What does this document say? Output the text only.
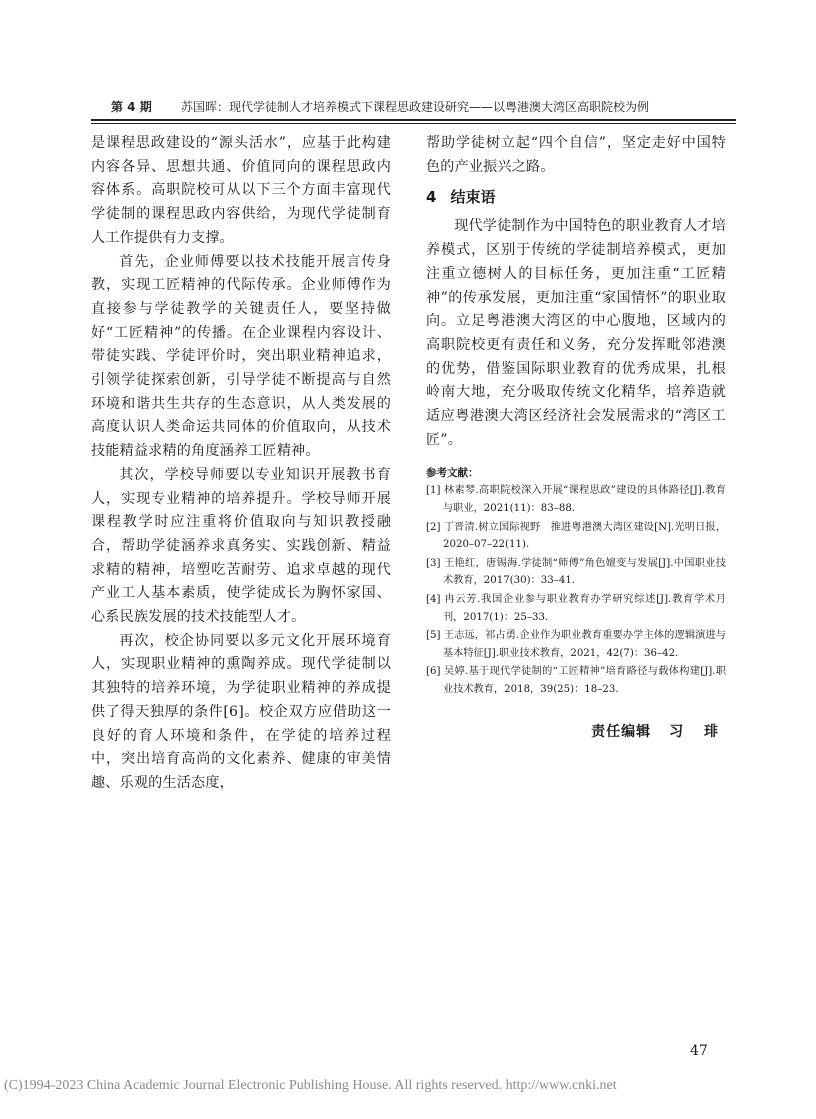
第 4 期 苏国晖：现代学徒制人才培养模式下课程思政建设研究——以粤港澳大湾区高职院校为例

是课程思政建设的“源头活水”，应基于此构建内容各异、思想共通、价值同向的课程思政内容体系。高职院校可从以下三个方面丰富现代学徒制的课程思政内容供给，为现代学徒制育人工作提供有力支撑。

首先，企业师傅要以技术技能开展言传身教，实现工匠精神的代际传承。企业师傅作为直接参与学徒教学的关键责任人，要坚持做好“工匠精神”的传播。在企业课程内容设计、带徒实践、学徒评价时，突出职业精神追求，引领学徒探索创新，引导学徒不断提高与自然环境和谐共生共存的生态意识，从人类发展的高度认识人类命运共同体的价值取向，从技术技能精益求精的角度涵养工匠精神。

其次，学校导师要以专业知识开展教书育人，实现专业精神的培养提升。学校导师开展课程教学时应注重将价值取向与知识教授融合，帮助学徒涵养求真务实、实践创新、精益求精的精神，培塑吃苦耐劳、追求卓越的现代产业工人基本素质，使学徒成长为胸怀家国、心系民族发展的技术技能型人才。

再次，校企协同要以多元文化开展环境育人，实现职业精神的熏陶养成。现代学徒制以其独特的培养环境，为学徒职业精神的养成提供了得天独厚的条件[6]。校企双方应借助这一良好的育人环境和条件，在学徒的培养过程中，突出培育高尚的文化素养、健康的审美情趣、乐观的生活态度，

帮助学徒树立起“四个自信”，坚定走好中国特色的产业振兴之路。

4 结束语

现代学徒制作为中国特色的职业教育人才培养模式，区别于传统的学徒制培养模式，更加注重立德树人的目标任务，更加注重“工匠精神”的传承发展，更加注重“家国情怀”的职业取向。立足粤港澳大湾区的中心腹地，区域内的高职院校更有责任和义务，充分发挥毗邻港澳的优势，借鉴国际职业教育的优秀成果，扎根岭南大地，充分吸取传统文化精华，培养造就适应粤港澳大湾区经济社会发展需求的“湾区工匠”。

参考文献：

[1] 林素琴.高职院校深入开展“课程思政”建设的具体路径[J].教育与职业，2021(11)：83–88.

[2] 丁晋清.树立国际视野　推进粤港澳大湾区建设[N].光明日报，2020–07–22(11).

[3] 王艳红，唐锡海.学徒制“师傅”角色嬗变与发展[J].中国职业技术教育，2017(30)：33–41.

[4] 冉云芳.我国企业参与职业教育办学研究综述[J].教育学术月刊，2017(1)：25–33.

[5] 王志远，祁占勇.企业作为职业教育重要办学主体的逻辑演进与基本特征[J].职业技术教育，2021，42(7)：36–42.

[6] 吴婷.基于现代学徒制的“工匠精神”培育路径与载体构建[J].职业技术教育，2018，39(25)：18–23.

责任编辑 习 琲
47
(C)1994-2023 China Academic Journal Electronic Publishing House. All rights reserved. http://www.cnki.net
